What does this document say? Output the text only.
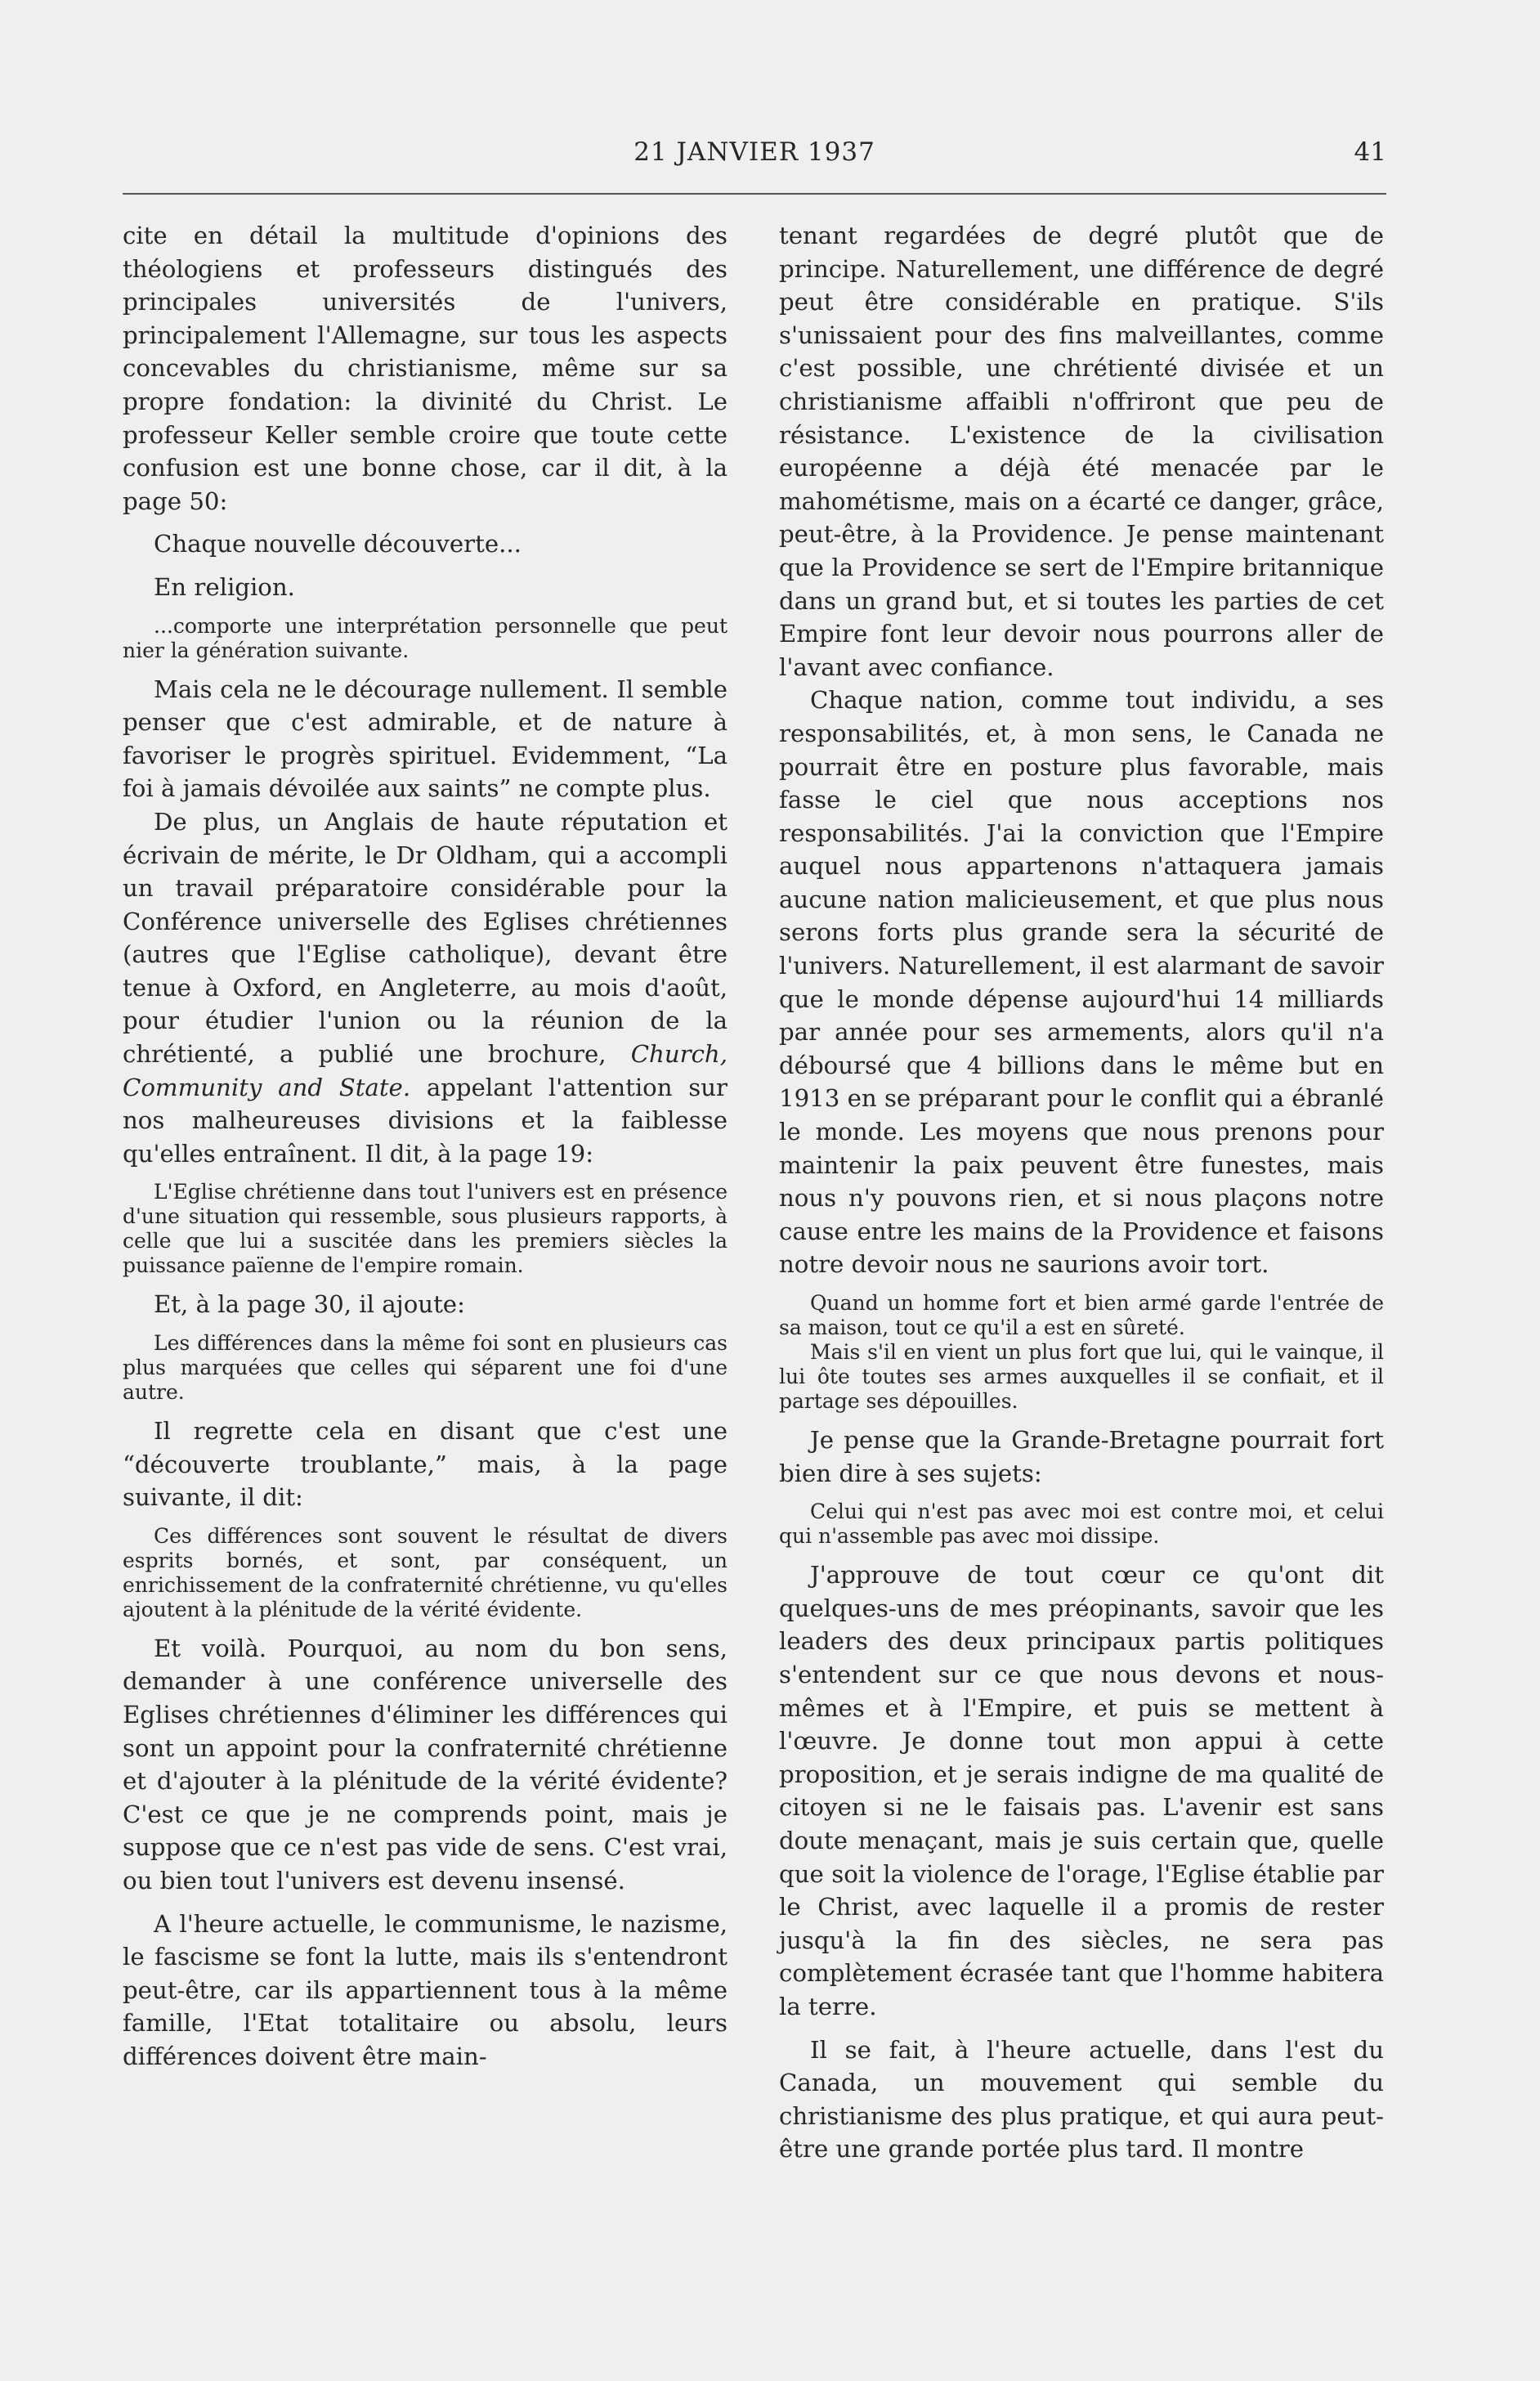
21 JANVIER 1937	41

cite en détail la multitude d'opinions des théologiens et professeurs distingués des principales universités de l'univers, principalement l'Allemagne, sur tous les aspects concevables du christianisme, même sur sa propre fondation: la divinité du Christ. Le professeur Keller semble croire que toute cette confusion est une bonne chose, car il dit, à la page 50:

Chaque nouvelle découverte...

En religion.

...comporte une interprétation personnelle que peut nier la génération suivante.

Mais cela ne le décourage nullement. Il semble penser que c'est admirable, et de nature à favoriser le progrès spirituel. Evidemment, “La foi à jamais dévoilée aux saints” ne compte plus.

De plus, un Anglais de haute réputation et écrivain de mérite, le Dr Oldham, qui a accompli un travail préparatoire considérable pour la Conférence universelle des Eglises chrétiennes (autres que l'Eglise catholique), devant être tenue à Oxford, en Angleterre, au mois d'août, pour étudier l'union ou la réunion de la chrétienté, a publié une brochure, Church, Community and State. appelant l'attention sur nos malheureuses divisions et la faiblesse qu'elles entraînent. Il dit, à la page 19:

L'Eglise chrétienne dans tout l'univers est en présence d'une situation qui ressemble, sous plusieurs rapports, à celle que lui a suscitée dans les premiers siècles la puissance païenne de l'empire romain.

Et, à la page 30, il ajoute:

Les différences dans la même foi sont en plusieurs cas plus marquées que celles qui séparent une foi d'une autre.

Il regrette cela en disant que c'est une “découverte troublante,” mais, à la page suivante, il dit:

Ces différences sont souvent le résultat de divers esprits bornés, et sont, par conséquent, un enrichissement de la confraternité chrétienne, vu qu'elles ajoutent à la plénitude de la vérité évidente.

Et voilà. Pourquoi, au nom du bon sens, demander à une conférence universelle des Eglises chrétiennes d'éliminer les différences qui sont un appoint pour la confraternité chrétienne et d'ajouter à la plénitude de la vérité évidente? C'est ce que je ne comprends point, mais je suppose que ce n'est pas vide de sens. C'est vrai, ou bien tout l'univers est devenu insensé.

A l'heure actuelle, le communisme, le nazisme, le fascisme se font la lutte, mais ils s'entendront peut-être, car ils appartiennent tous à la même famille, l'Etat totalitaire ou absolu, leurs différences doivent être main-

tenant regardées de degré plutôt que de principe. Naturellement, une différence de degré peut être considérable en pratique. S'ils s'unissaient pour des fins malveillantes, comme c'est possible, une chrétienté divisée et un christianisme affaibli n'offriront que peu de résistance. L'existence de la civilisation européenne a déjà été menacée par le mahométisme, mais on a écarté ce danger, grâce, peut-être, à la Providence. Je pense maintenant que la Providence se sert de l'Empire britannique dans un grand but, et si toutes les parties de cet Empire font leur devoir nous pourrons aller de l'avant avec confiance.

Chaque nation, comme tout individu, a ses responsabilités, et, à mon sens, le Canada ne pourrait être en posture plus favorable, mais fasse le ciel que nous acceptions nos responsabilités. J'ai la conviction que l'Empire auquel nous appartenons n'attaquera jamais aucune nation malicieusement, et que plus nous serons forts plus grande sera la sécurité de l'univers. Naturellement, il est alarmant de savoir que le monde dépense aujourd'hui 14 milliards par année pour ses armements, alors qu'il n'a déboursé que 4 billions dans le même but en 1913 en se préparant pour le conflit qui a ébranlé le monde. Les moyens que nous prenons pour maintenir la paix peuvent être funestes, mais nous n'y pouvons rien, et si nous plaçons notre cause entre les mains de la Providence et faisons notre devoir nous ne saurions avoir tort.

Quand un homme fort et bien armé garde l'entrée de sa maison, tout ce qu'il a est en sûreté.

Mais s'il en vient un plus fort que lui, qui le vainque, il lui ôte toutes ses armes auxquelles il se confiait, et il partage ses dépouilles.

Je pense que la Grande-Bretagne pourrait fort bien dire à ses sujets:

Celui qui n'est pas avec moi est contre moi, et celui qui n'assemble pas avec moi dissipe.

J'approuve de tout cœur ce qu'ont dit quelques-uns de mes préopinants, savoir que les leaders des deux principaux partis politiques s'entendent sur ce que nous devons et nous-mêmes et à l'Empire, et puis se mettent à l'œuvre. Je donne tout mon appui à cette proposition, et je serais indigne de ma qualité de citoyen si ne le faisais pas. L'avenir est sans doute menaçant, mais je suis certain que, quelle que soit la violence de l'orage, l'Eglise établie par le Christ, avec laquelle il a promis de rester jusqu'à la fin des siècles, ne sera pas complètement écrasée tant que l'homme habitera la terre.

Il se fait, à l'heure actuelle, dans l'est du Canada, un mouvement qui semble du christianisme des plus pratique, et qui aura peut-être une grande portée plus tard. Il montre
